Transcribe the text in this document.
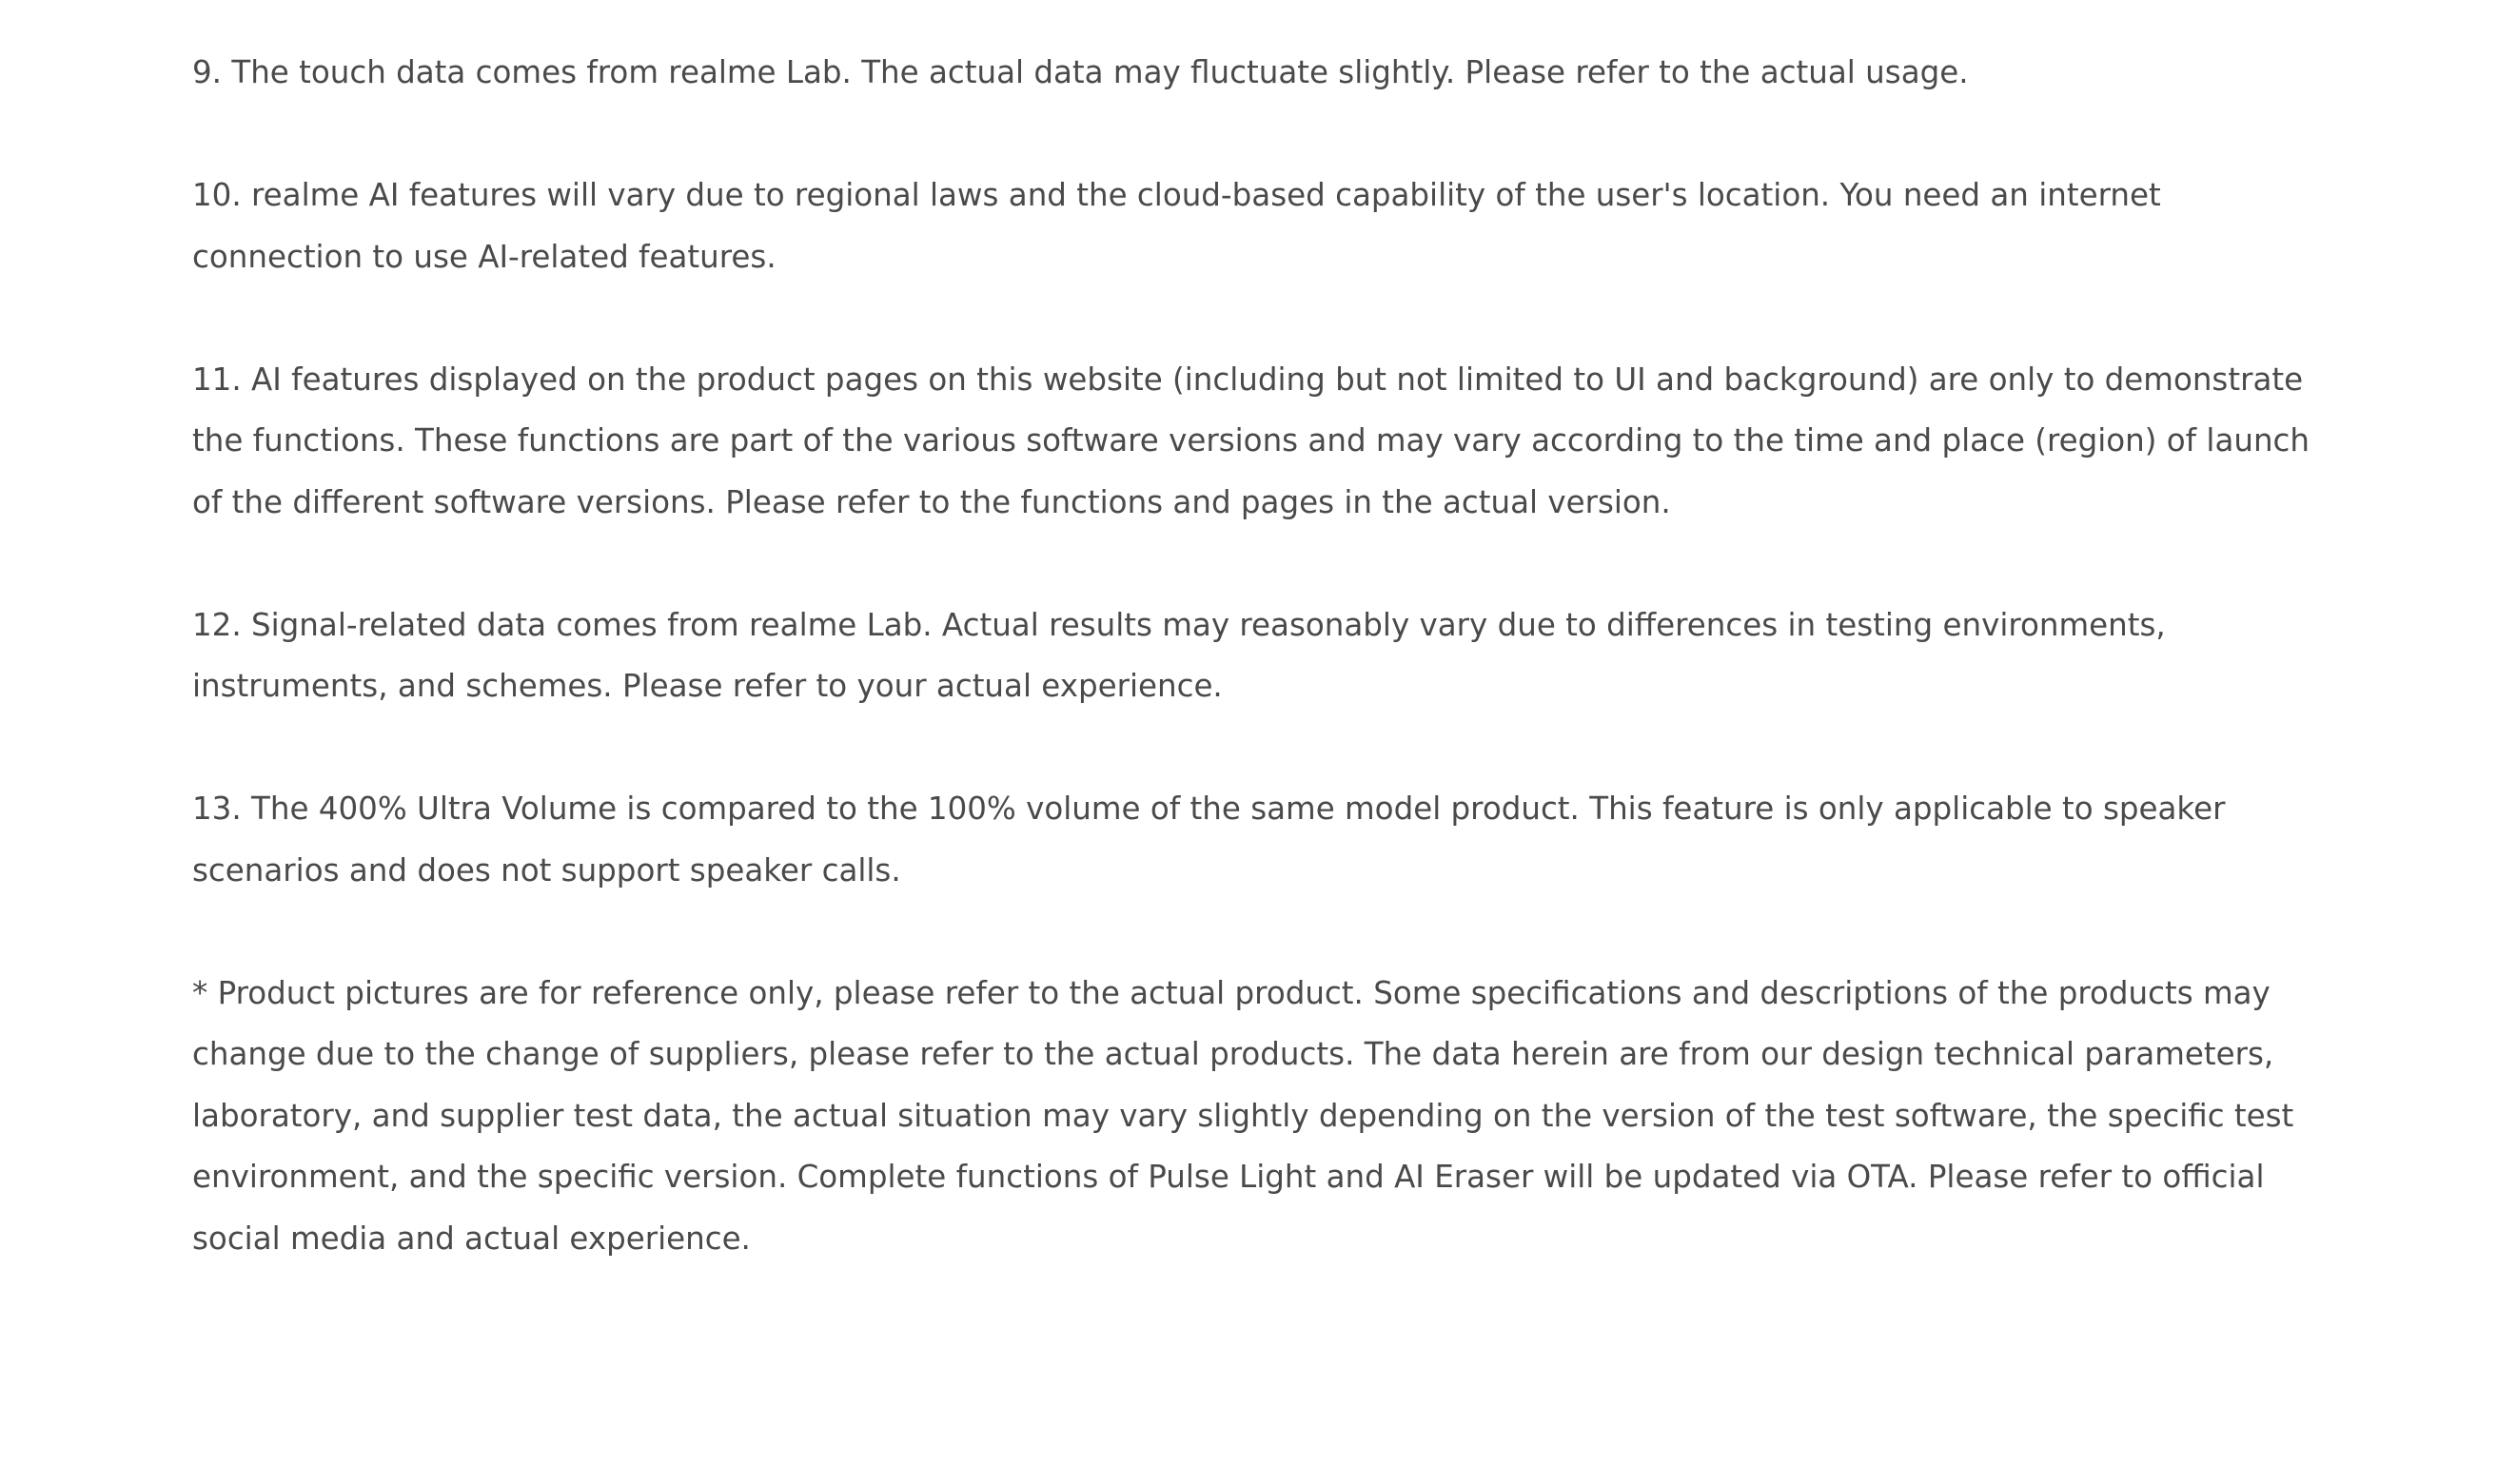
9. The touch data comes from realme Lab. The actual data may fluctuate slightly. Please refer to the actual usage.

10. realme AI features will vary due to regional laws and the cloud-based capability of the user's location. You need an internet connection to use AI-related features.

11. AI features displayed on the product pages on this website (including but not limited to UI and background) are only to demonstrate the functions. These functions are part of the various software versions and may vary according to the time and place (region) of launch of the different software versions. Please refer to the functions and pages in the actual version.

12. Signal-related data comes from realme Lab. Actual results may reasonably vary due to differences in testing environments, instruments, and schemes. Please refer to your actual experience.

13. The 400% Ultra Volume is compared to the 100% volume of the same model product. This feature is only applicable to speaker scenarios and does not support speaker calls.

* Product pictures are for reference only, please refer to the actual product. Some specifications and descriptions of the products may change due to the change of suppliers, please refer to the actual products. The data herein are from our design technical parameters, laboratory, and supplier test data, the actual situation may vary slightly depending on the version of the test software, the specific test environment, and the specific version. Complete functions of Pulse Light and AI Eraser will be updated via OTA. Please refer to official social media and actual experience.
